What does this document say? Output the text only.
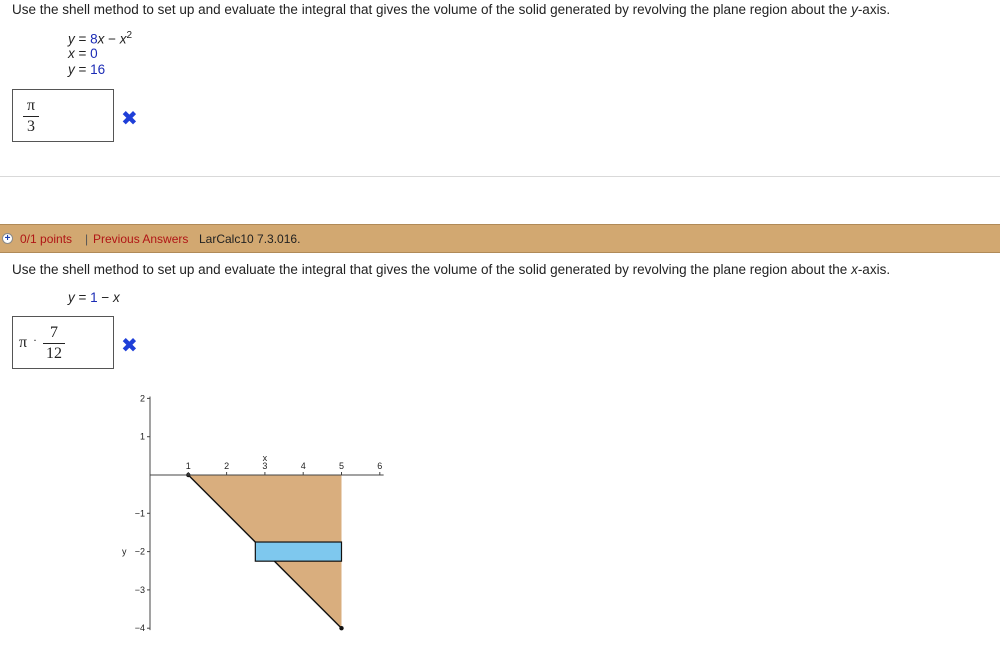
Use the shell method to set up and evaluate the integral that gives the volume of the solid generated by revolving the plane region about the y-axis.
$y = 8x - x^2$
x = 0
y = 16
π
3	✖
+ 0/1 points | Previous Answers LarCalc10 7.3.016.
Use the shell method to set up and evaluate the integral that gives the volume of the solid generated by revolving the plane region about the x-axis.
y = 1 − x
π · 7
12	✖
1	2	3	4	5	6
x
2
1
−1
−2
−3
−4
y
